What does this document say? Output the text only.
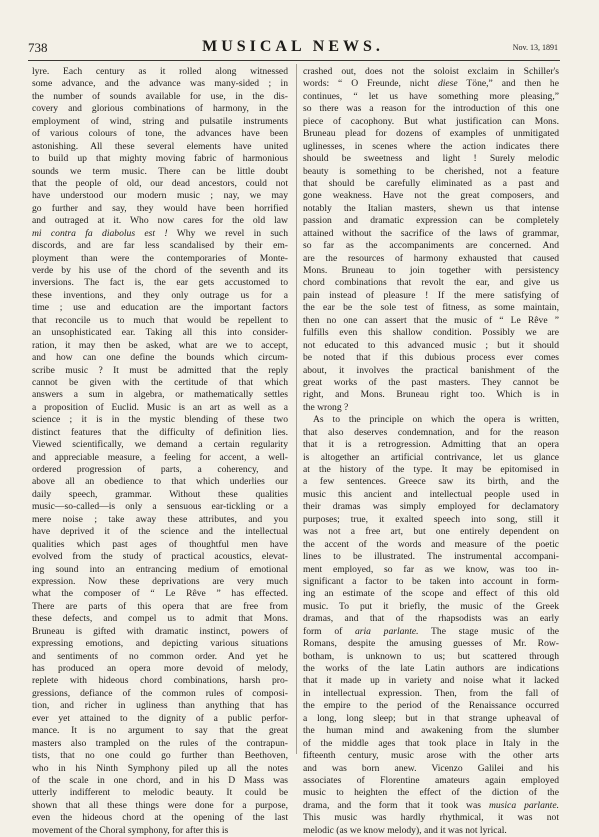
738	MUSICAL NEWS.	Nov. 13, 1891
lyre. Each century as it rolled along witnessed
some advance, and the advance was many-sided ; in
the number of sounds available for use, in the dis-
covery and glorious combinations of harmony, in the
employment of wind, string and pulsatile instruments
of various colours of tone, the advances have been
astonishing. All these several elements have united
to build up that mighty moving fabric of harmonious
sounds we term music. There can be little doubt
that the people of old, our dead ancestors, could not
have understood our modern music ; nay, we may
go further and say, they would have been horrified
and outraged at it. Who now cares for the old law
mi contra fa diabolus est ! Why we revel in such
discords, and are far less scandalised by their em-
ployment than were the contemporaries of Monte-
verde by his use of the chord of the seventh and its
inversions. The fact is, the ear gets accustomed to
these inventions, and they only outrage us for a
time ; use and education are the important factors
that reconcile us to much that would be repellent to
an unsophisticated ear. Taking all this into consider-
ration, it may then be asked, what are we to accept,
and how can one define the bounds which circum-
scribe music ? It must be admitted that the reply
cannot be given with the certitude of that which
answers a sum in algebra, or mathematically settles
a proposition of Euclid. Music is an art as well as a
science ; it is in the mystic blending of these two
distinct features that the difficulty of definition lies.
Viewed scientifically, we demand a certain regularity
and appreciable measure, a feeling for accent, a well-
ordered progression of parts, a coherency, and
above all an obedience to that which underlies our
daily speech, grammar. Without these qualities
music—so-called—is only a sensuous ear-tickling or a
mere noise ; take away these attributes, and you
have deprived it of the science and the intellectual
qualities which past ages of thoughtful men have
evolved from the study of practical acoustics, elevat-
ing sound into an entrancing medium of emotional
expression. Now these deprivations are very much
what the composer of “ Le Rêve ” has effected.
There are parts of this opera that are free from
these defects, and compel us to admit that Mons.
Bruneau is gifted with dramatic instinct, powers of
expressing emotions, and depicting various situations
and sentiments of no common order. And yet he
has produced an opera more devoid of melody,
replete with hideous chord combinations, harsh pro-
gressions, defiance of the common rules of composi-
tion, and richer in ugliness than anything that has
ever yet attained to the dignity of a public perfor-
mance. It is no argument to say that the great
masters also trampled on the rules of the contrapun-
tists, that no one could go further than Beethoven,
who in his Ninth Symphony piled up all the notes
of the scale in one chord, and in his D Mass was
utterly indifferent to melodic beauty. It could be
shown that all these things were done for a purpose,
even the hideous chord at the opening of the last
movement of the Choral symphony, for after this is
crashed out, does not the soloist exclaim in Schiller's
words: “ O Freunde, nicht diese Töne,” and then he
continues, “ let us have something more pleasing,”
so there was a reason for the introduction of this one
piece of cacophony. But what justification can Mons.
Bruneau plead for dozens of examples of unmitigated
uglinesses, in scenes where the action indicates there
should be sweetness and light ! Surely melodic
beauty is something to be cherished, not a feature
that should be carefully eliminated as a past and
gone weakness. Have not the great composers, and
notably the Italian masters, shewn us that intense
passion and dramatic expression can be completely
attained without the sacrifice of the laws of grammar,
so far as the accompaniments are concerned. And
are the resources of harmony exhausted that caused
Mons. Bruneau to join together with persistency
chord combinations that revolt the ear, and give us
pain instead of pleasure ! If the mere satisfying of
the ear be the sole test of fitness, as some maintain,
then no one can assert that the music of “ Le Rêve ”
fulfills even this shallow condition. Possibly we are
not educated to this advanced music ; but it should
be noted that if this dubious process ever comes
about, it involves the practical banishment of the
great works of the past masters. They cannot be
right, and Mons. Bruneau right too. Which is in
the wrong ?
As to the principle on which the opera is written,
that also deserves condemnation, and for the reason
that it is a retrogression. Admitting that an opera
is altogether an artificial contrivance, let us glance
at the history of the type. It may be epitomised in
a few sentences. Greece saw its birth, and the
music this ancient and intellectual people used in
their dramas was simply employed for declamatory
purposes; true, it exalted speech into song, still it
was not a free art, but one entirely dependent on
the accent of the words and measure of the poetic
lines to be illustrated. The instrumental accompani-
ment employed, so far as we know, was too in-
significant a factor to be taken into account in form-
ing an estimate of the scope and effect of this old
music. To put it briefly, the music of the Greek
dramas, and that of the rhapsodists was an early
form of aria parlante. The stage music of the
Romans, despite the amusing guesses of Mr. Row-
botham, is unknown to us; but scattered through
the works of the late Latin authors are indications
that it made up in variety and noise what it lacked
in intellectual expression. Then, from the fall of
the empire to the period of the Renaissance occurred
a long, long sleep; but in that strange upheaval of
the human mind and awakening from the slumber
of the middle ages that took place in Italy in the
fifteenth century, music arose with the other arts
and was born anew. Vicenzo Galilei and his
associates of Florentine amateurs again employed
music to heighten the effect of the diction of the
drama, and the form that it took was musica parlante.
This music was hardly rhythmical, it was not
melodic (as we know melody), and it was not lyrical.
